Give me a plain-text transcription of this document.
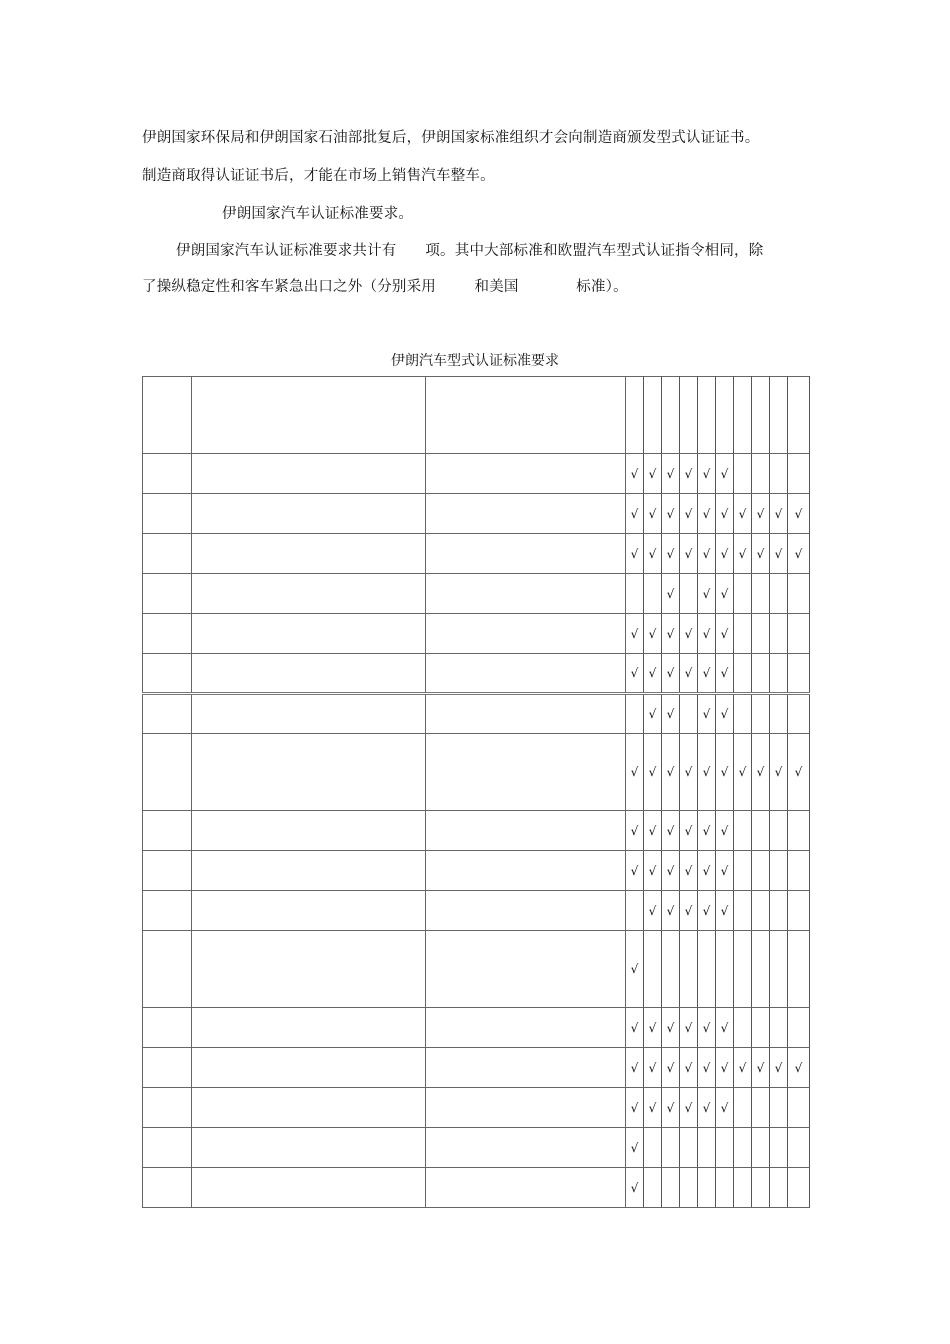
伊朗国家环保局和伊朗国家石油部批复后，伊朗国家标准组织才会向制造商颁发型式认证证书。
制造商取得认证证书后，才能在市场上销售汽车整车。
伊朗国家汽车认证标准要求。
伊朗国家汽车认证标准要求共计有      项。其中大部标准和欧盟汽车型式认证指令相同，除
了操纵稳定性和客车紧急出口之外（分别采用        和美国            标准）。
伊朗汽车型式认证标准要求

			√	√	√	√	√	√				
			√	√	√	√	√	√	√	√	√	√
			√	√	√	√	√	√	√	√	√	√
					√		√	√				
			√	√	√	√	√	√				
			√	√	√	√	√	√				
				√	√		√	√				
			√	√	√	√	√	√	√	√	√	√
			√	√	√	√	√	√				
			√	√	√	√	√	√				
				√	√	√	√	√				
			√									
			√	√	√	√	√	√				
			√	√	√	√	√	√	√	√	√	√
			√	√	√	√	√	√				
			√									
			√									
